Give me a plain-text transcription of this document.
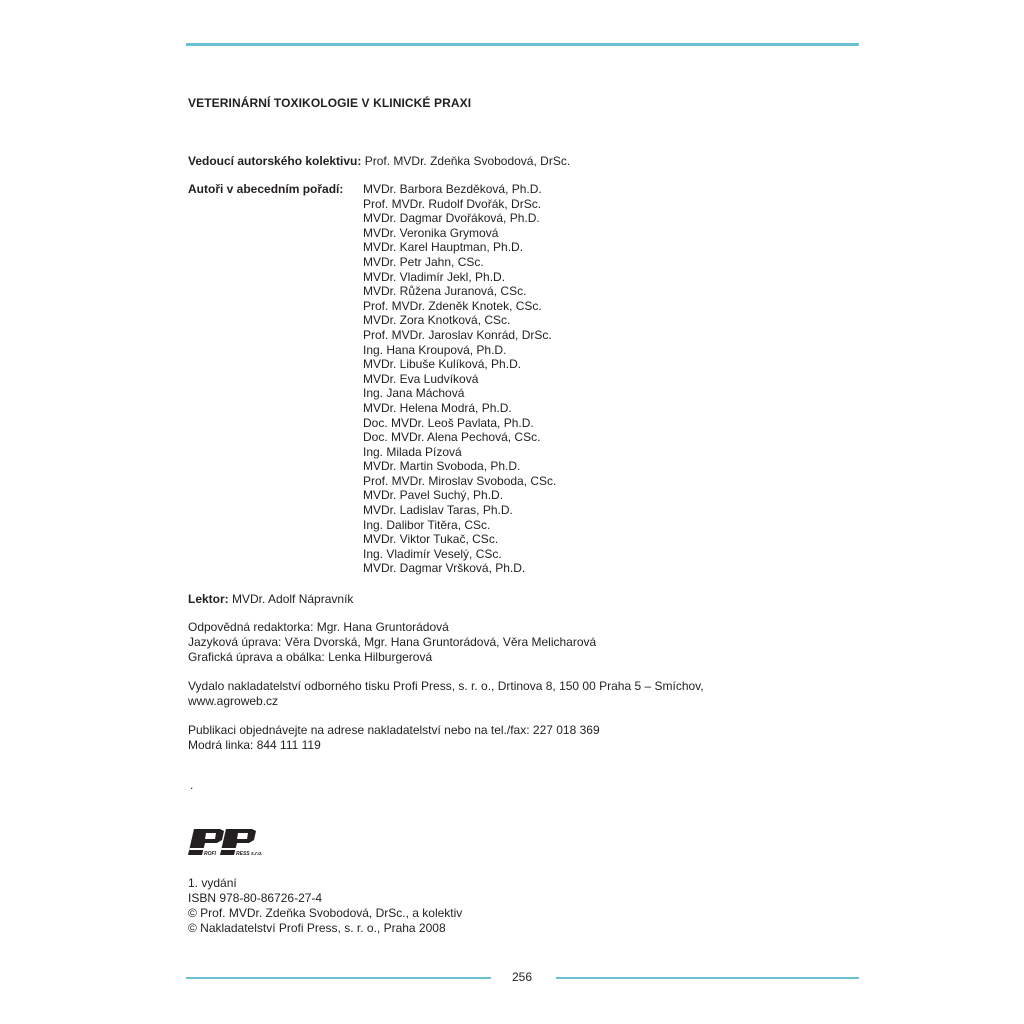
VETERINÁRNÍ TOXIKOLOGIE V KLINICKÉ PRAXI
Vedoucí autorského kolektivu: Prof. MVDr. Zdeňka Svobodová, DrSc.
Autoři v abecedním pořadí: MVDr. Barbora Bezděková, Ph.D.
Prof. MVDr. Rudolf Dvořák, DrSc.
MVDr. Dagmar Dvořáková, Ph.D.
MVDr. Veronika Grymová
MVDr. Karel Hauptman, Ph.D.
MVDr. Petr Jahn, CSc.
MVDr. Vladimír Jekl, Ph.D.
MVDr. Růžena Juranová, CSc.
Prof. MVDr. Zdeněk Knotek, CSc.
MVDr. Zora Knotková, CSc.
Prof. MVDr. Jaroslav Konrád, DrSc.
Ing. Hana Kroupová, Ph.D.
MVDr. Libuše Kulíková, Ph.D.
MVDr. Eva Ludvíková
Ing. Jana Máchová
MVDr. Helena Modrá, Ph.D.
Doc. MVDr. Leoš Pavlata, Ph.D.
Doc. MVDr. Alena Pechová, CSc.
Ing. Milada Pízová
MVDr. Martin Svoboda, Ph.D.
Prof. MVDr. Miroslav Svoboda, CSc.
MVDr. Pavel Suchý, Ph.D.
MVDr. Ladislav Taras, Ph.D.
Ing. Dalibor Titěra, CSc.
MVDr. Viktor Tukač, CSc.
Ing. Vladimír Veselý, CSc.
MVDr. Dagmar Vršková, Ph.D.
Lektor: MVDr. Adolf Nápravník
Odpovědná redaktorka: Mgr. Hana Gruntorádová
Jazyková úprava: Věra Dvorská, Mgr. Hana Gruntorádová, Věra Melicharová
Grafická úprava a obálka: Lenka Hilburgerová
Vydalo nakladatelství odborného tisku Profi Press, s. r. o., Drtinova 8, 150 00 Praha 5 – Smíchov,
www.agroweb.cz
Publikaci objednávejte na adrese nakladatelství nebo na tel./fax: 227 018 369
Modrá linka: 844 111 119
.
ROFI	RESS s.r.o.
1. vydání
ISBN 978-80-86726-27-4
© Prof. MVDr. Zdeňka Svobodová, DrSc., a kolektiv
© Nakladatelství Profi Press, s. r. o., Praha 2008
256
